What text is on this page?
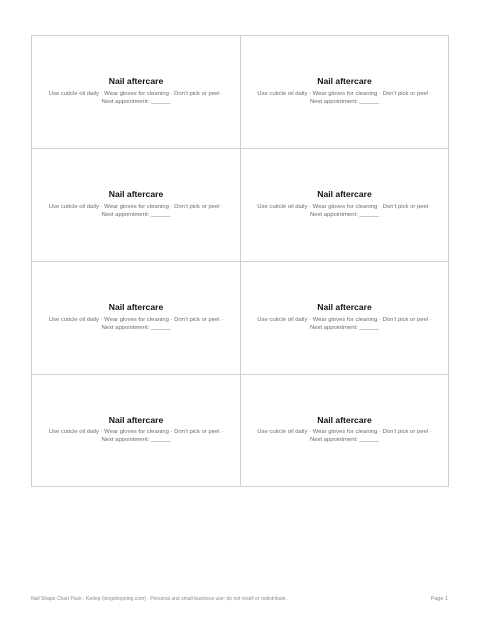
Nail aftercare
Use cuticle oil daily · Wear gloves for cleaning · Don’t pick or peel ·
Next appointment: ______
Nail aftercare
Use cuticle oil daily · Wear gloves for cleaning · Don’t pick or peel ·
Next appointment: ______
Nail aftercare
Use cuticle oil daily · Wear gloves for cleaning · Don’t pick or peel ·
Next appointment: ______
Nail aftercare
Use cuticle oil daily · Wear gloves for cleaning · Don’t pick or peel ·
Next appointment: ______
Nail aftercare
Use cuticle oil daily · Wear gloves for cleaning · Don’t pick or peel ·
Next appointment: ______
Nail aftercare
Use cuticle oil daily · Wear gloves for cleaning · Don’t pick or peel ·
Next appointment: ______
Nail aftercare
Use cuticle oil daily · Wear gloves for cleaning · Don’t pick or peel ·
Next appointment: ______
Nail aftercare
Use cuticle oil daily · Wear gloves for cleaning · Don’t pick or peel ·
Next appointment: ______
Nail Shape Chart Pack · Kedop (longshopping.com) · Personal and small-business use; do not resell or redistribute.	Page 1
